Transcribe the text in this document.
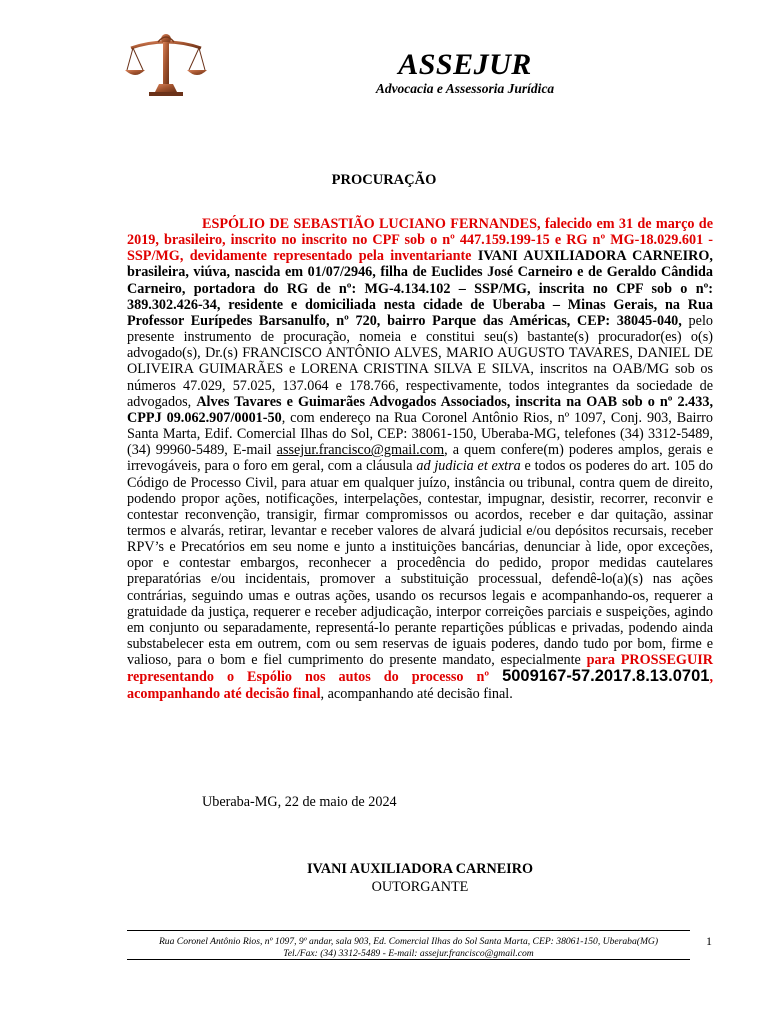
ASSEJUR
Advocacia e Assessoria Jurídica
PROCURAÇÃO
ESPÓLIO DE SEBASTIÃO LUCIANO FERNANDES, falecido em 31 de março de 2019, brasileiro, inscrito no inscrito no CPF sob o nº 447.159.199-15 e RG nº MG-18.029.601 - SSP/MG, devidamente representado pela inventariante IVANI AUXILIADORA CARNEIRO, brasileira, viúva, nascida em 01/07/2946, filha de Euclides José Carneiro e de Geraldo Cândida Carneiro, portadora do RG de nº: MG-4.134.102 – SSP/MG, inscrita no CPF sob o nº: 389.302.426-34, residente e domiciliada nesta cidade de Uberaba – Minas Gerais, na Rua Professor Eurípedes Barsanulfo, nº 720, bairro Parque das Américas, CEP: 38045-040, pelo presente instrumento de procuração, nomeia e constitui seu(s) bastante(s) procurador(es) o(s) advogado(s), Dr.(s) FRANCISCO ANTÔNIO ALVES, MARIO AUGUSTO TAVARES, DANIEL DE OLIVEIRA GUIMARÃES e LORENA CRISTINA SILVA E SILVA, inscritos na OAB/MG sob os números 47.029, 57.025, 137.064 e 178.766, respectivamente, todos integrantes da sociedade de advogados, Alves Tavares e Guimarães Advogados Associados, inscrita na OAB sob o nº 2.433, CPPJ 09.062.907/0001-50, com endereço na Rua Coronel Antônio Rios, nº 1097, Conj. 903, Bairro Santa Marta, Edif. Comercial Ilhas do Sol, CEP: 38061-150, Uberaba-MG, telefones (34) 3312-5489, (34) 99960-5489, E-mail assejur.francisco@gmail.com, a quem confere(m) poderes amplos, gerais e irrevogáveis, para o foro em geral, com a cláusula ad judicia et extra e todos os poderes do art. 105 do Código de Processo Civil, para atuar em qualquer juízo, instância ou tribunal, contra quem de direito, podendo propor ações, notificações, interpelações, contestar, impugnar, desistir, recorrer, reconvir e contestar reconvenção, transigir, firmar compromissos ou acordos, receber e dar quitação, assinar termos e alvarás, retirar, levantar e receber valores de alvará judicial e/ou depósitos recursais, receber RPV’s e Precatórios em seu nome e junto a instituições bancárias, denunciar à lide, opor exceções, opor e contestar embargos, reconhecer a procedência do pedido, propor medidas cautelares preparatórias e/ou incidentais, promover a substituição processual, defendê-lo(a)(s) nas ações contrárias, seguindo umas e outras ações, usando os recursos legais e acompanhando-os, requerer a gratuidade da justiça, requerer e receber adjudicação, interpor correições parciais e suspeições, agindo em conjunto ou separadamente, representá-lo perante repartições públicas e privadas, podendo ainda substabelecer esta em outrem, com ou sem reservas de iguais poderes, dando tudo por bom, firme e valioso, para o bom e fiel cumprimento do presente mandato, especialmente para PROSSEGUIR representando o Espólio nos autos do processo nº 5009167-57.2017.8.13.0701, acompanhando até decisão final, acompanhando até decisão final.
Uberaba-MG, 22 de maio de 2024
IVANI AUXILIADORA CARNEIRO
OUTORGANTE
Rua Coronel Antônio Rios, nº 1097, 9º andar, sala 903, Ed. Comercial Ilhas do Sol Santa Marta, CEP: 38061-150, Uberaba(MG)
Tel./Fax: (34) 3312-5489 - E-mail: assejur.francisco@gmail.com
1
